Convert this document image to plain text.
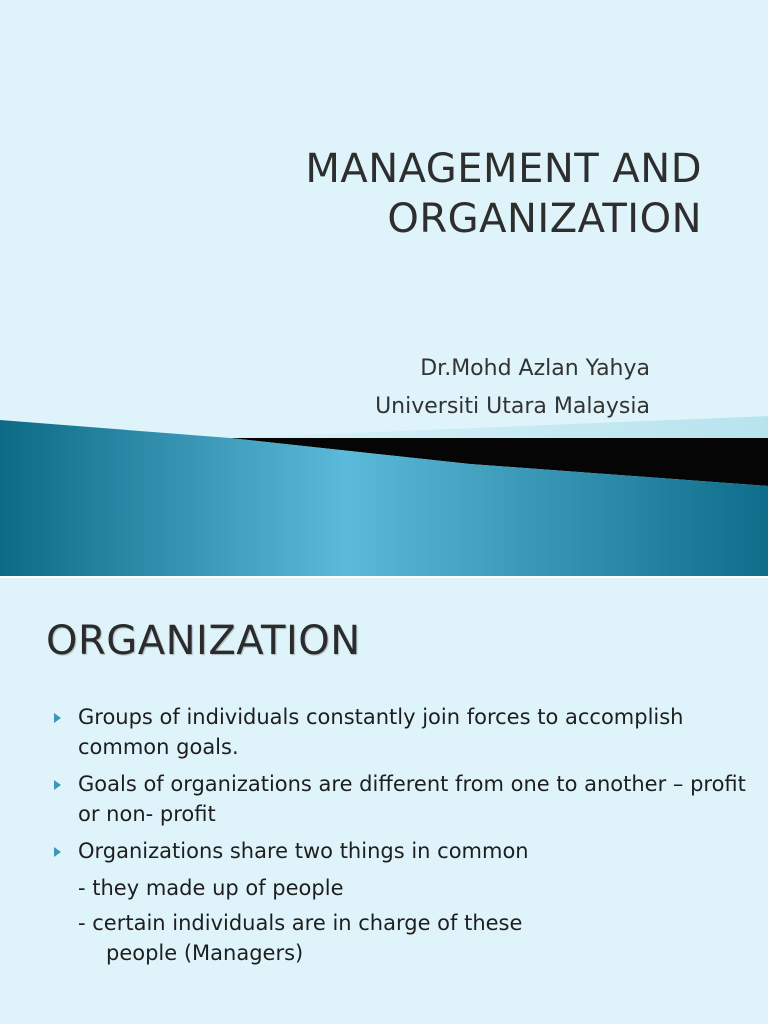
MANAGEMENT AND
ORGANIZATION
Dr.Mohd Azlan Yahya
Universiti Utara Malaysia
ORGANIZATION
Groups of individuals constantly join forces to accomplish common goals.
Goals of organizations are different from one to another – profit or non- profit
Organizations share two things in common
- they made up of people
- certain individuals are in charge of these
people (Managers)
